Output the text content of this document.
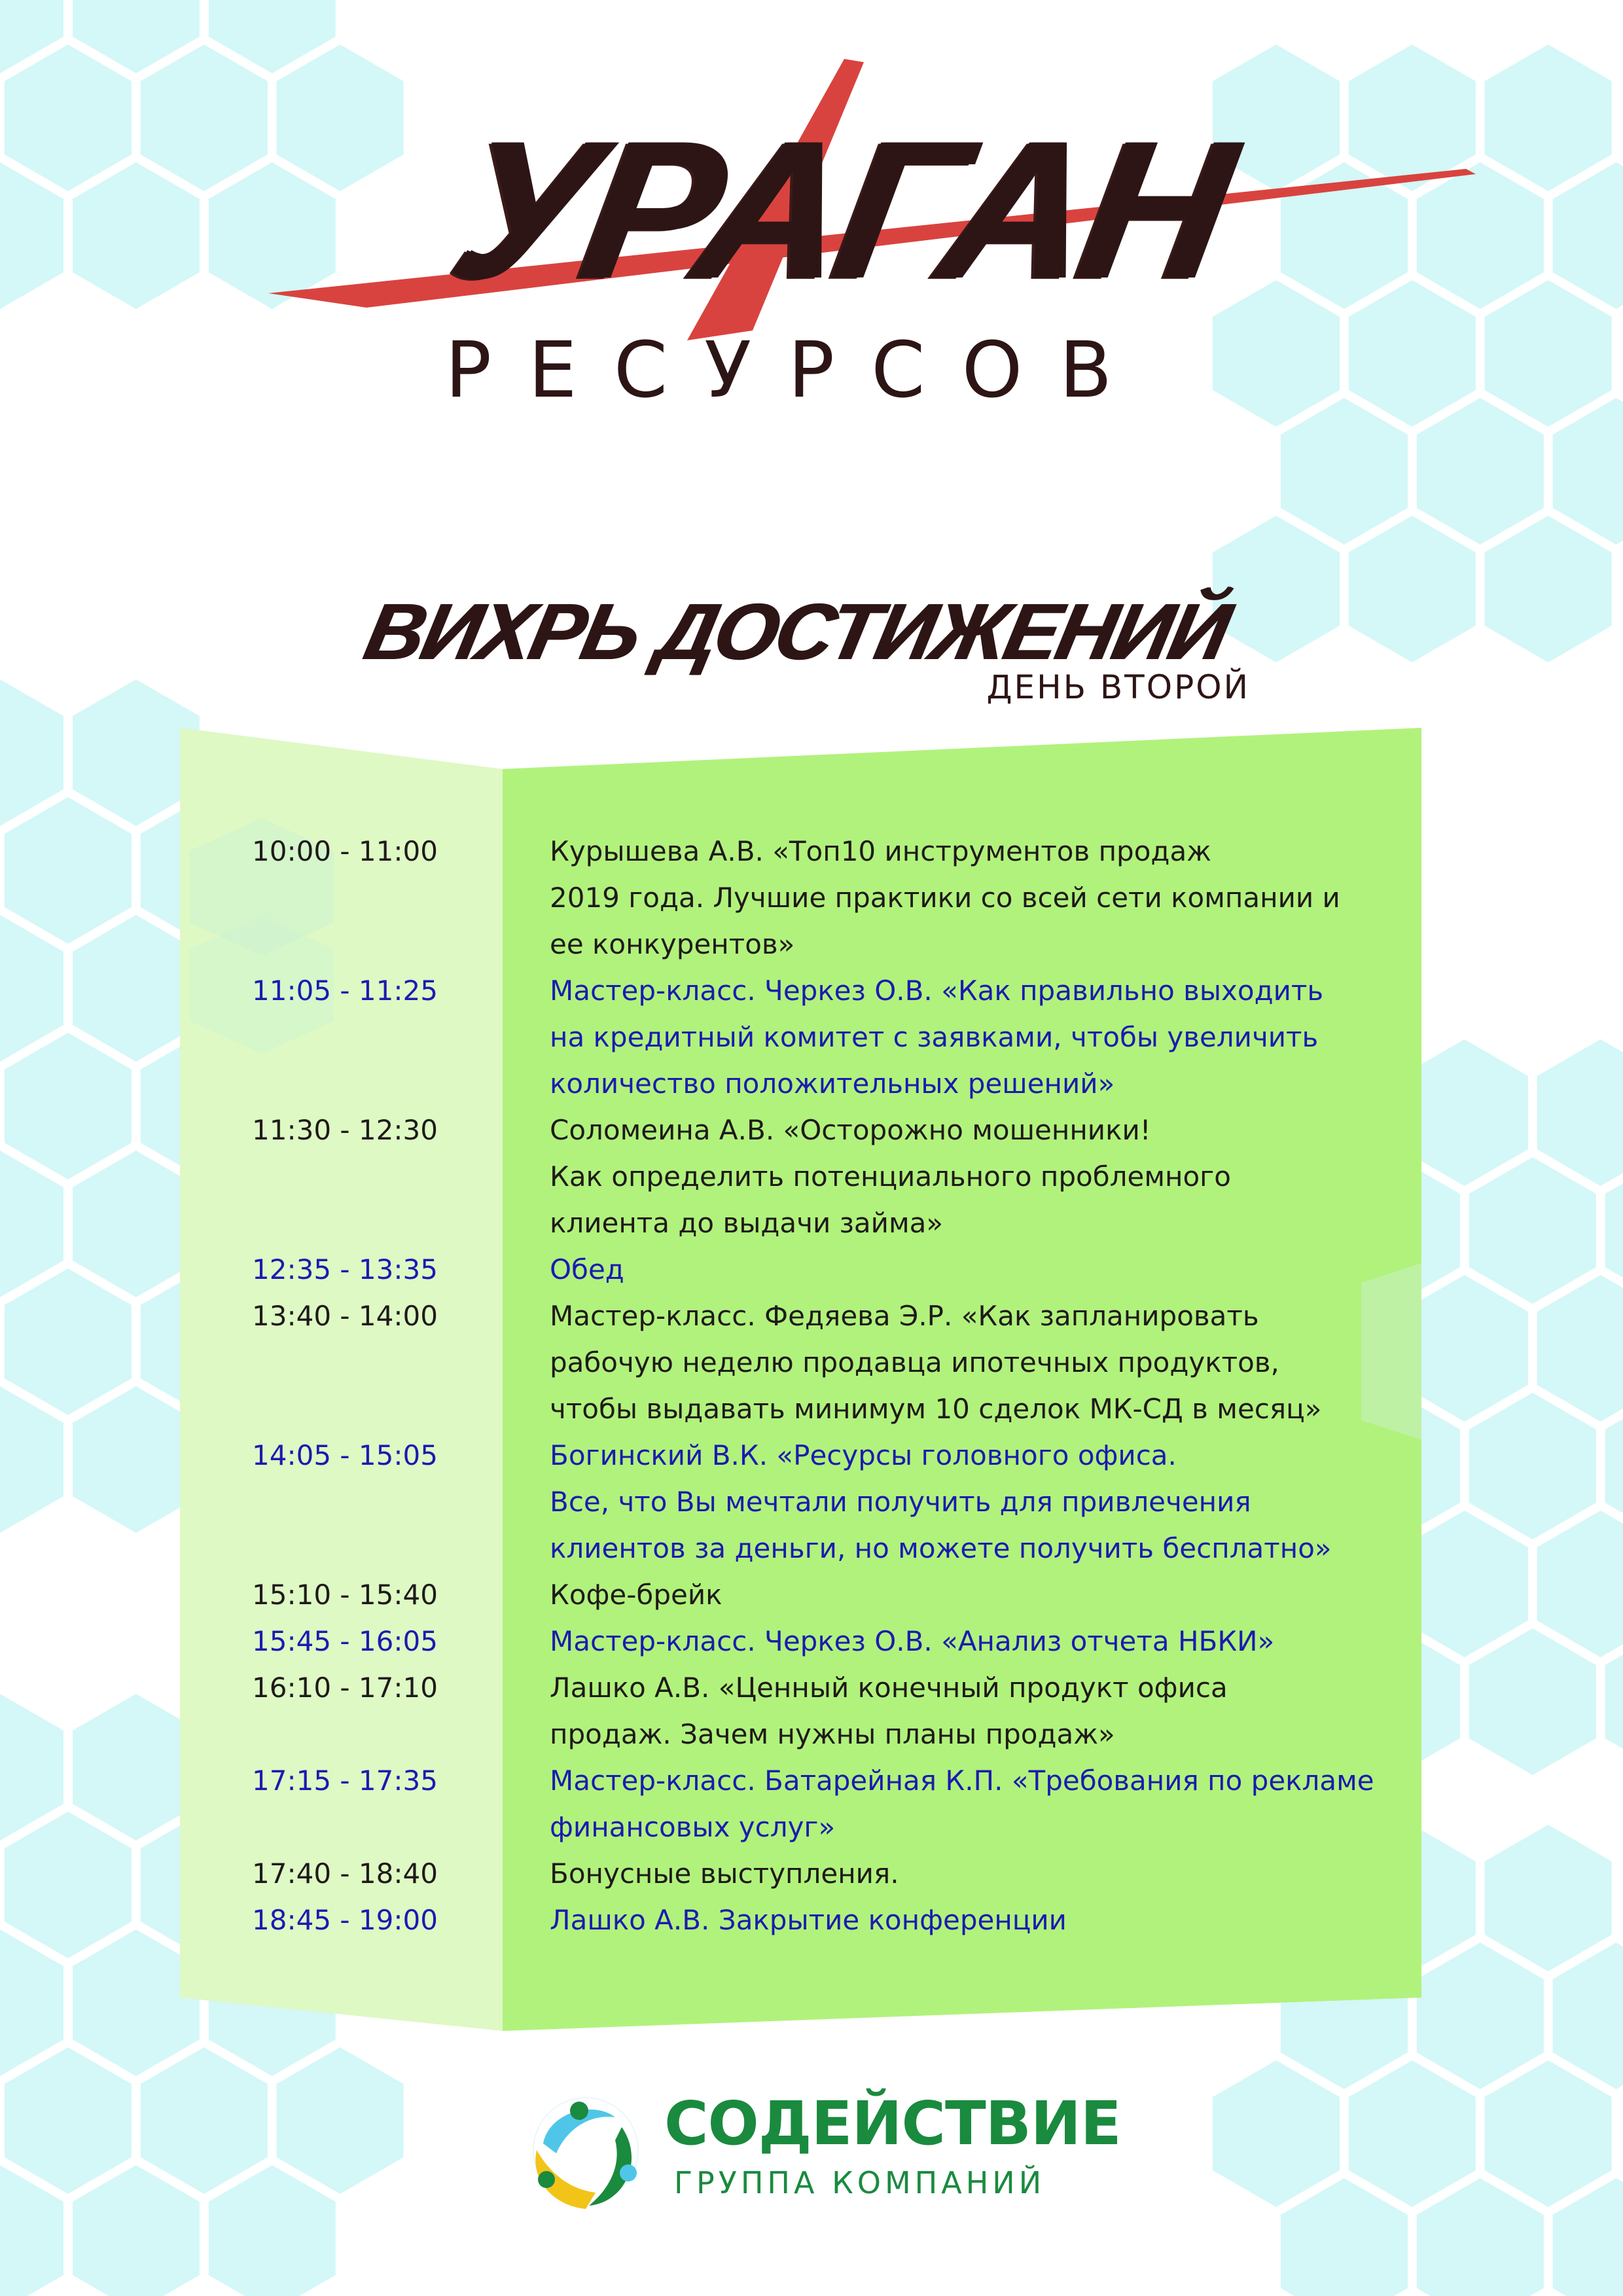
УРАГАН
РЕСУРСОВ
ВИХРЬ ДОСТИЖЕНИЙ
ДЕНЬ ВТОРОЙ
10:00 - 11:00	Курышева А.В. «Топ10 инструментов продаж
2019 года. Лучшие практики со всей сети компании и
ее конкурентов»
11:05 - 11:25	Мастер-класс. Черкез О.В. «Как правильно выходить
на кредитный комитет с заявками, чтобы увеличить
количество положительных решений»
11:30 - 12:30	Соломеина А.В. «Осторожно мошенники!
Как определить потенциального проблемного
клиента до выдачи займа»
12:35 - 13:35	Обед
13:40 - 14:00	Мастер-класс. Федяева Э.Р. «Как запланировать
рабочую неделю продавца ипотечных продуктов,
чтобы выдавать минимум 10 сделок МК-СД в месяц»
14:05 - 15:05	Богинский В.К. «Ресурсы головного офиса.
Все, что Вы мечтали получить для привлечения
клиентов за деньги, но можете получить бесплатно»
15:10 - 15:40	Кофе-брейк
15:45 - 16:05	Мастер-класс. Черкез О.В. «Анализ отчета НБКИ»
16:10 - 17:10	Лашко А.В. «Ценный конечный продукт офиса
продаж. Зачем нужны планы продаж»
17:15 - 17:35	Мастер-класс. Батарейная К.П. «Требования по рекламе
финансовых услуг»
17:40 - 18:40	Бонусные выступления.
18:45 - 19:00	Лашко А.В. Закрытие конференции
СОДЕЙСТВИЕ
ГРУППА КОМПАНИЙ
